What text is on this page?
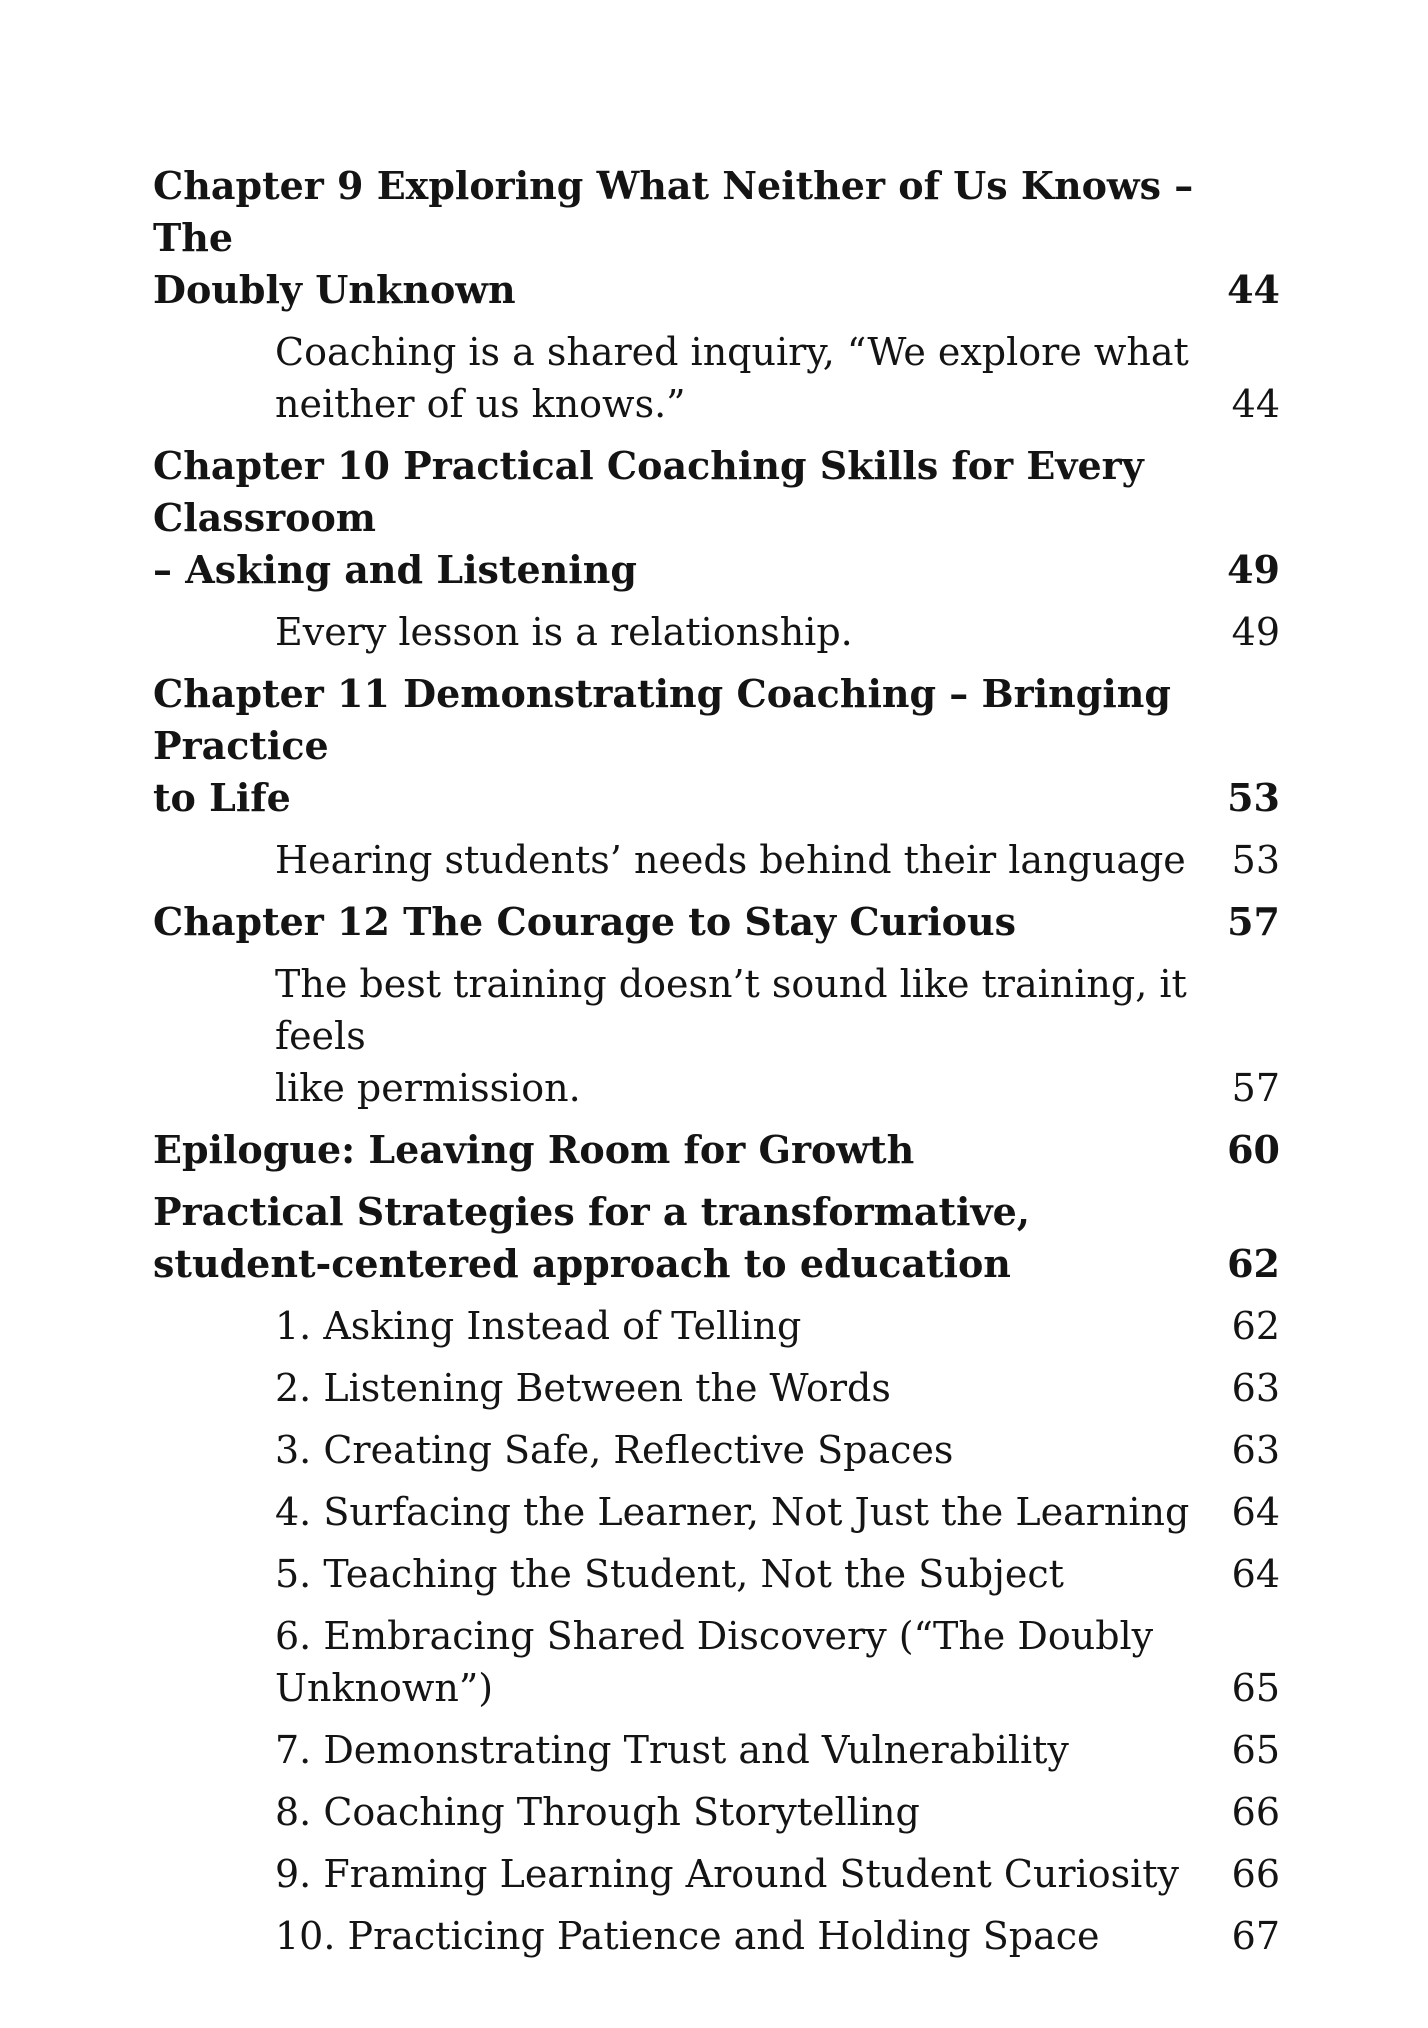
Chapter 9 Exploring What Neither of Us Knows – The
Doubly Unknown	44
Coaching is a shared inquiry, “We explore what
neither of us knows.”	44
Chapter 10 Practical Coaching Skills for Every Classroom
– Asking and Listening	49
Every lesson is a relationship.	49
Chapter 11 Demonstrating Coaching – Bringing Practice
to Life	53
Hearing students’ needs behind their language	53
Chapter 12 The Courage to Stay Curious	57
The best training doesn’t sound like training, it feels
like permission.	57
Epilogue: Leaving Room for Growth	60
Practical Strategies for a transformative,
student-centered approach to education	62
1. Asking Instead of Telling	62
2. Listening Between the Words	63
3. Creating Safe, Reflective Spaces	63
4. Surfacing the Learner, Not Just the Learning	64
5. Teaching the Student, Not the Subject	64
6. Embracing Shared Discovery (“The Doubly
Unknown”)	65
7. Demonstrating Trust and Vulnerability	65
8. Coaching Through Storytelling	66
9. Framing Learning Around Student Curiosity	66
10. Practicing Patience and Holding Space	67
